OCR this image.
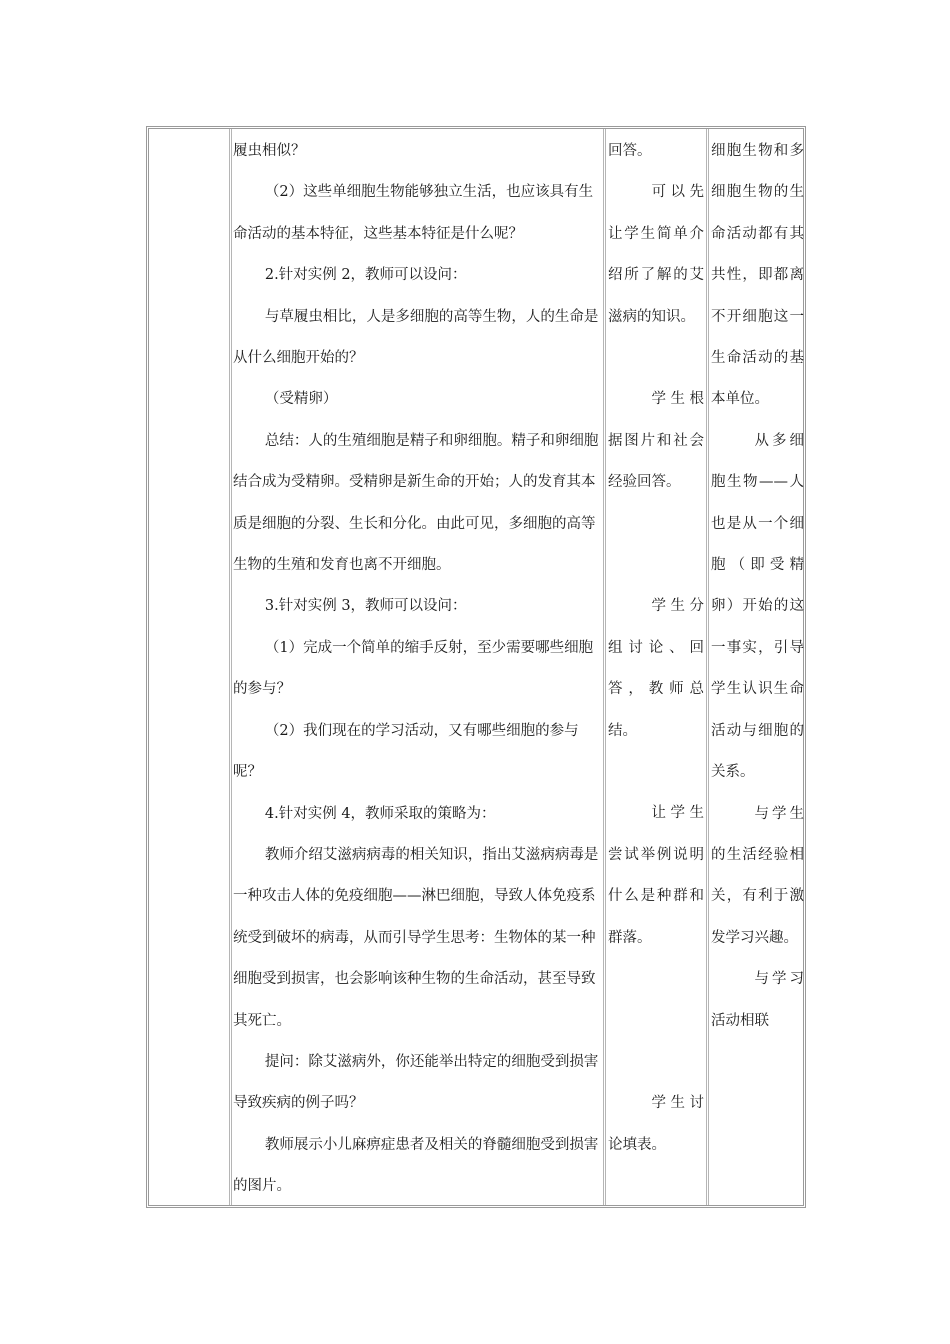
履虫相似？

（2）这些单细胞生物能够独立生活，也应该具有生命活动的基本特征，这些基本特征是什么呢？

2.针对实例 2，教师可以设问：

与草履虫相比，人是多细胞的高等生物，人的生命是从什么细胞开始的？

（受精卵）

总结：人的生殖细胞是精子和卵细胞。精子和卵细胞结合成为受精卵。受精卵是新生命的开始；人的发育其本质是细胞的分裂、生长和分化。由此可见，多细胞的高等生物的生殖和发育也离不开细胞。

3.针对实例 3，教师可以设问：

（1）完成一个简单的缩手反射，至少需要哪些细胞的参与？

（2）我们现在的学习活动，又有哪些细胞的参与呢？

4.针对实例 4，教师采取的策略为：

教师介绍艾滋病病毒的相关知识，指出艾滋病病毒是一种攻击人体的免疫细胞——淋巴细胞，导致人体免疫系统受到破坏的病毒，从而引导学生思考：生物体的某一种细胞受到损害，也会影响该种生物的生命活动，甚至导致其死亡。

提问：除艾滋病外，你还能举出特定的细胞受到损害导致疾病的例子吗？

教师展示小儿麻痹症患者及相关的脊髓细胞受到损害的图片。

回答。

可以先让学生简单介绍所了解的艾滋病的知识。

学生根据图片和社会经验回答。

学生分组讨论、回答，教师总结。

让学生尝试举例说明什么是种群和群落。

学生讨论填表。

细胞生物和多细胞生物的生命活动都有其共性，即都离不开细胞这一生命活动的基本单位。

从多细胞生物——人也是从一个细胞（即受精卵）开始的这一事实，引导学生认识生命活动与细胞的关系。

与学生的生活经验相关，有利于激发学习兴趣。

与学习活动相联
